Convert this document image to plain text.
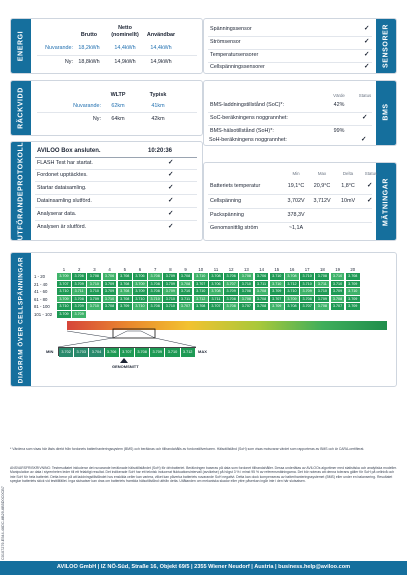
ENERGI
Netto
Brutto	(nominellt)	Användbar
Nuvarande: 18,2kWh	14,4kWh	14,4kWh
Ny: 18,8kWh	14,9kWh	14,9kWh	SENSORER
Spänningssensor	✓
Strömsensor	✓
Temperatursensorer	✓
Cellspänningssensorer	✓
RÄCKVIDD	WLTP	Typisk
Nuvarande:	62km	41km
Ny:	64km	42km	BMS
Värde	Status
BMS-laddningstillstånd (SoC)*:	42%
SoC-beräkningens noggrannhet:	✓
BMS-hälsotillstånd (SoH)*:	99%
SoH-beräkningens noggrannhet:	✓
UTFÖRANDEPROTOKOLL AVILOO Box ansluten.	10:20:36
FLASH Test har startat.	✓
Fordonet upptäcktes.	✓
Startar dataisamling.	✓
Datainsamling slutförd.	✓
Analyserar data.	✓
Analysen är slutförd.	✓
MÄTNINGAR
Min	Max	Delta	Status
Batteriets temperatur	19,1°C	20,9°C	1,8°C	✓
Cellspänning	3,702V	3,712V	10mV	✓
Packspänning	378,3V
Genomsnittlig ström	~1,1A
DIAGRAM ÖVER CELLSPÄNNINGAR	1	2	3	4	5	6	7	8	9	10	11	12	13	14	15	16	17	18	19	20
1 - 20	3.709	3.706	3.708	3.706	3.708	3.706	3.708	3.709	3.708	3.710	3.708	3.706	3.708	3.706	3.710	3.708	3.710	3.708	3.710	3.708
21 - 40	3.707	3.709	3.710	3.709	3.708	3.709	3.708	3.709	3.708	3.707	3.706	3.707	3.710	3.711	3.710	3.712	3.710	3.711	3.710	3.709
41 - 60	3.710	3.711	3.710	3.709	3.708	3.709	3.708	3.709	3.710	3.710	3.708	3.709	3.708	3.708	3.709	3.710	3.709	3.710	3.709	3.710
61 - 80	3.709	3.708	3.709	3.710	3.708	3.710	3.710	3.710	3.711	3.712	3.711	3.708	3.708	3.708	3.707	3.709	3.708	3.709	3.708	3.709
81 - 100	3.710	3.709	3.710	3.708	3.709	3.710	3.708	3.710	3.707	3.708	3.707	3.708	3.707	3.708	3.709	3.708	3.707	3.708	3.707	3.709
101 - 102	3.709	3.709
3.702	3.703	3.704	3.706	3.707	3.708	3.709	3.710	3.712
MIN	MAX
GENOMSNITT
* Värdena som visas här lästs direkt från fordonets batterihanteringssystem (BMS) och beräknas och tillhandahålls av fordonstillverkaren. Hälsotillstånd (SoH) som visas motsvarar värdet som rapporteras av BMS och är CARA-certifierat.
ANSVARSFRISKRIVNING: Testresultatet inkluderar det nuvarande beräknade hälsotillståndet (SoH) för drivbatteriet. Beräkningen baseras på data som fordonet tillhandahåller. Dessa underlätas av AVILOOs algoritmer med statistiska och analytiska modeller. Manipulation av data i styrenheten leder till ett felaktigt resultat. Det indikerade SoH har ett teknisk inducerat fluktuationsintervall (avvikelse) på högst 3 % i minst 95 % av referensmätningarna. Det bör noteras att denna tolerans gäller för SoH på cellnivå och inte SoH för hela batteriet. Detta beror på att laddningstillståndet hos enskilda celler kan variera, vilket kan påverka batteriets nuvarande SoH negativt. Detta kan dock kompenseras av batterihanteringssystemet (BMS) eller under en balansering. Resultatet speglar batteriets skick vid testtillfället. Inga slutsatser kan dras om batteriets framtida hälsotillstånd utifrån detta. Utlåtanden om mekaniska skador eller yttre påverkan ingår inte i den här slutsatsen.
C0107279-E544-46DC-8B29-6B5D0C0CB7
AVILOO GmbH | IZ NÖ-Süd, Straße 16, Objekt 69/5 | 2355 Wiener Neudorf | Austria | business.help@aviloo.com
